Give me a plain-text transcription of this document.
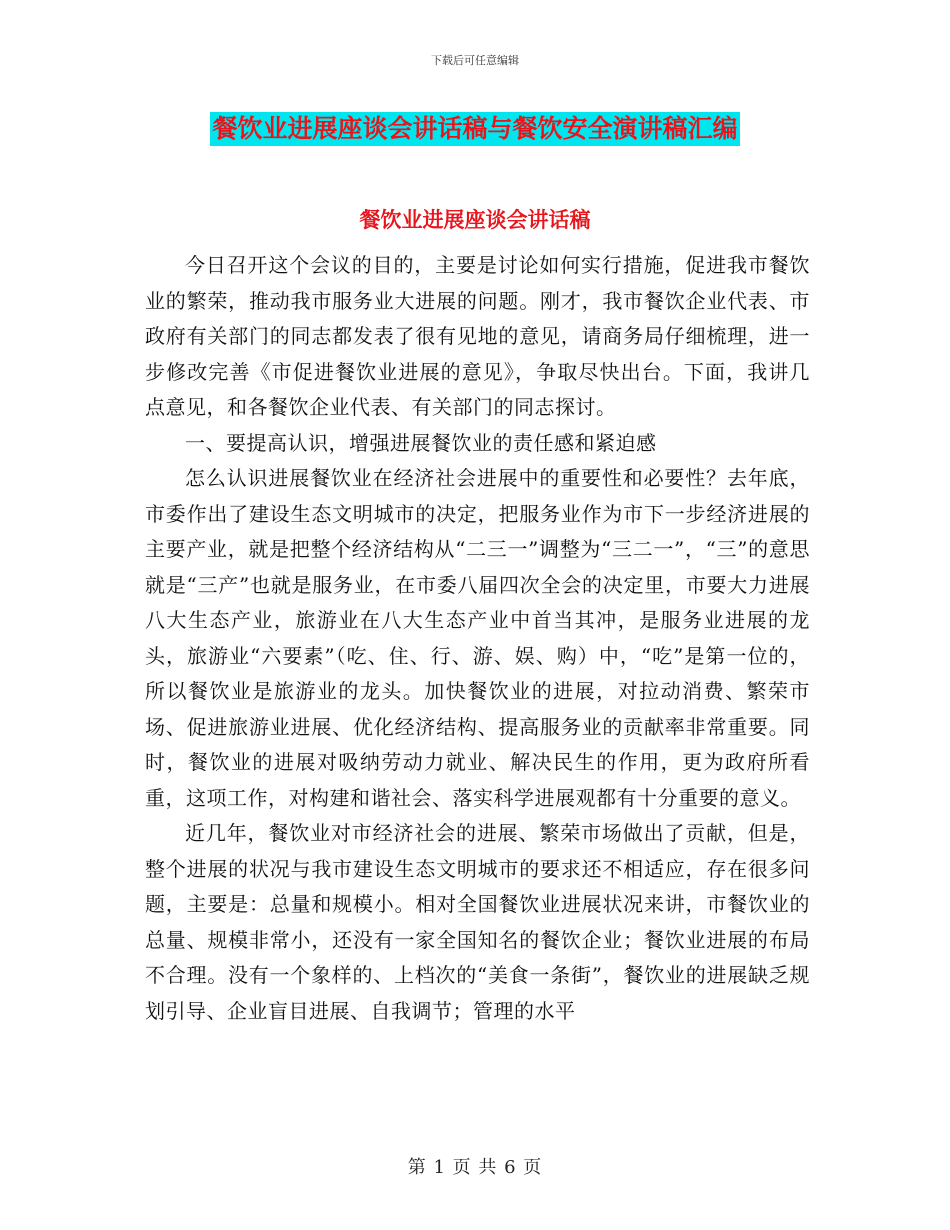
下载后可任意编辑
餐饮业进展座谈会讲话稿与餐饮安全演讲稿汇编
餐饮业进展座谈会讲话稿

今日召开这个会议的目的，主要是讨论如何实行措施，促进我市餐饮业的繁荣，推动我市服务业大进展的问题。刚才，我市餐饮企业代表、市政府有关部门的同志都发表了很有见地的意见，请商务局仔细梳理，进一步修改完善《市促进餐饮业进展的意见》，争取尽快出台。下面，我讲几点意见，和各餐饮企业代表、有关部门的同志探讨。

一、要提高认识，增强进展餐饮业的责任感和紧迫感

怎么认识进展餐饮业在经济社会进展中的重要性和必要性？去年底，市委作出了建设生态文明城市的决定，把服务业作为市下一步经济进展的主要产业，就是把整个经济结构从“二三一”调整为“三二一”，“三”的意思就是“三产”也就是服务业，在市委八届四次全会的决定里，市要大力进展八大生态产业，旅游业在八大生态产业中首当其冲，是服务业进展的龙头，旅游业“六要素”（吃、住、行、游、娱、购）中，“吃”是第一位的，所以餐饮业是旅游业的龙头。加快餐饮业的进展，对拉动消费、繁荣市场、促进旅游业进展、优化经济结构、提高服务业的贡献率非常重要。同时，餐饮业的进展对吸纳劳动力就业、解决民生的作用，更为政府所看重，这项工作，对构建和谐社会、落实科学进展观都有十分重要的意义。

近几年，餐饮业对市经济社会的进展、繁荣市场做出了贡献，但是，整个进展的状况与我市建设生态文明城市的要求还不相适应，存在很多问题，主要是：总量和规模小。相对全国餐饮业进展状况来讲，市餐饮业的总量、规模非常小，还没有一家全国知名的餐饮企业；餐饮业进展的布局不合理。没有一个象样的、上档次的“美食一条街”，餐饮业的进展缺乏规划引导、企业盲目进展、自我调节；管理的水平

第 1 页 共 6 页
